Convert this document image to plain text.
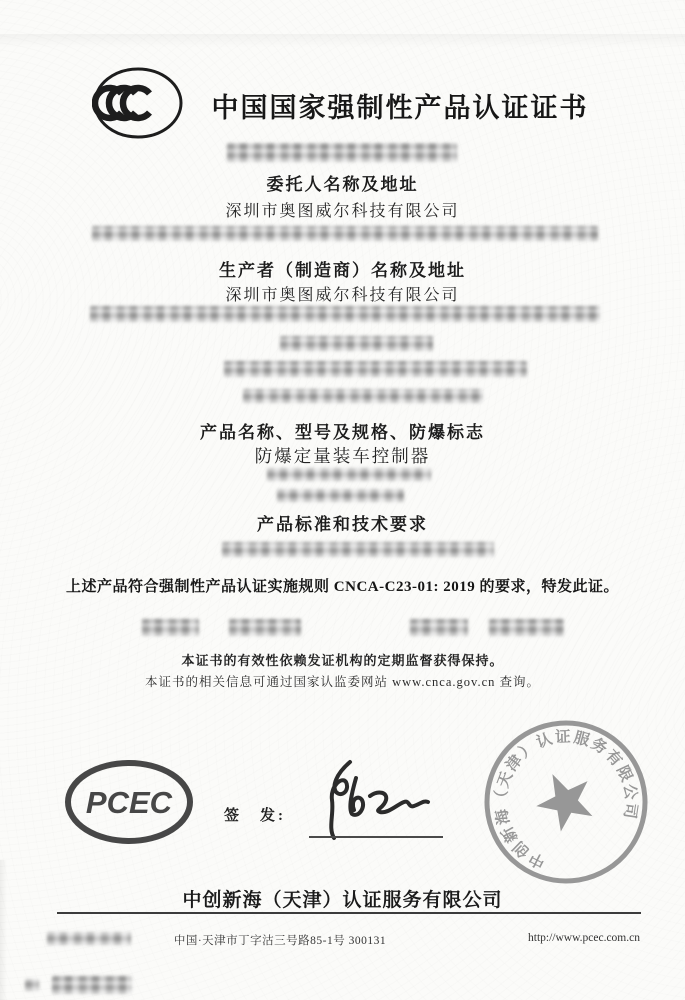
中国国家强制性产品认证证书
委托人名称及地址
深圳市奥图威尔科技有限公司
生产者（制造商）名称及地址
深圳市奥图威尔科技有限公司
产品名称、型号及规格、防爆标志
防爆定量装车控制器
产品标准和技术要求
上述产品符合强制性产品认证实施规则 CNCA-C23-01: 2019 的要求，特发此证。
本证书的有效性依赖发证机构的定期监督获得保持。
本证书的相关信息可通过国家认监委网站 www.cnca.gov.cn 查询。
PCEC	签　发:
中创新海（天津）认证服务有限公司
中创新海（天津）认证服务有限公司
中国·天津市丁字沽三号路85-1号 300131	http://www.pcec.com.cn
